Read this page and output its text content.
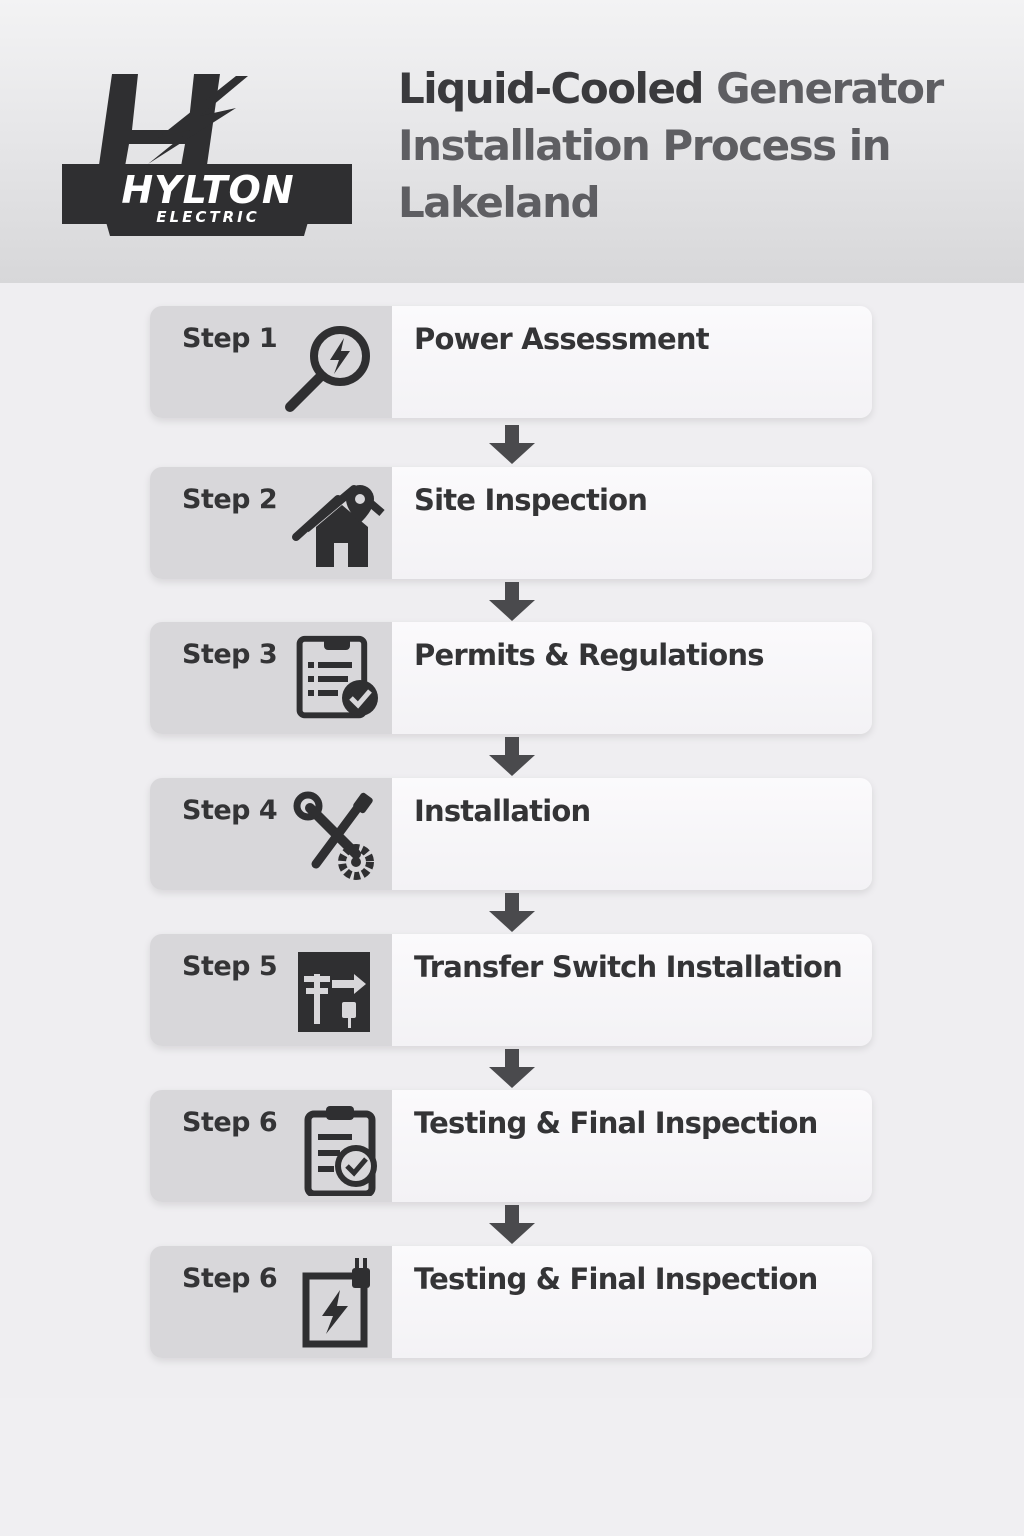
HYLTON
ELECTRIC
Liquid-Cooled Generator Installation Process in Lakeland
Step 1	Power Assessment
Step 2	Site Inspection
Step 3	Permits & Regulations
Step 4	Installation
Step 5	Transfer Switch Installation
Step 6	Testing & Final Inspection
Step 6	Testing & Final Inspection
